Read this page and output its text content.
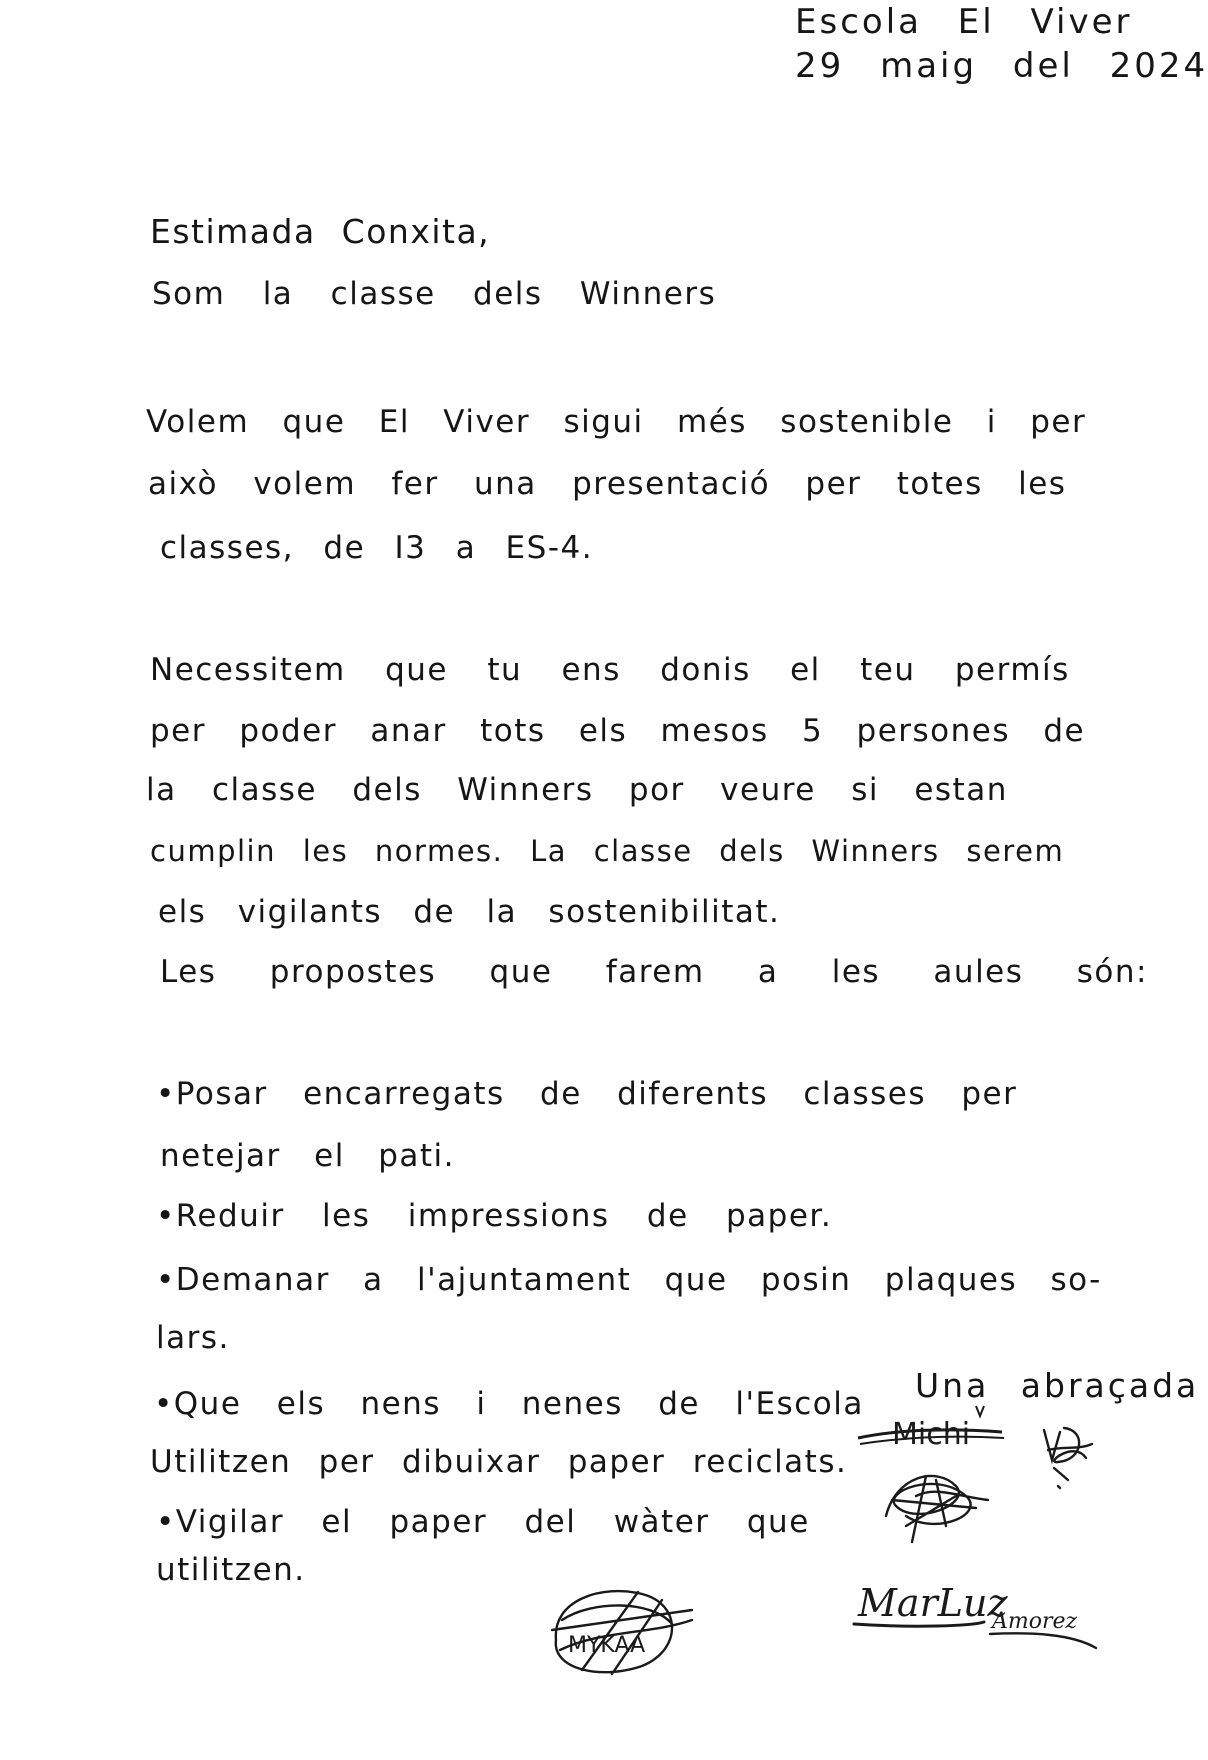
Escola El Viver
29 maig del 2024
Estimada Conxita,
Som la classe dels Winners
Volem que El Viver sigui més sostenible i per
això volem fer una presentació per totes les
classes, de I3 a ES-4.
Necessitem que tu ens donis el teu permís
per poder anar tots els mesos 5 persones de
la classe dels Winners por veure si estan
cumplin les normes. La classe dels Winners serem
els vigilants de la sostenibilitat.
Les propostes que farem a les aules són:
•Posar encarregats de diferents classes per
netejar el pati.
•Reduir les impressions de paper.
•Demanar a l'ajuntament que posin plaques so-
lars.
•Que els nens i nenes de l'Escola
Utilitzen per dibuixar paper reciclats.
•Vigilar el paper del wàter que
utilitzen.
Una abraçada
Michi
MarLuz
Amorez
MYKAA
